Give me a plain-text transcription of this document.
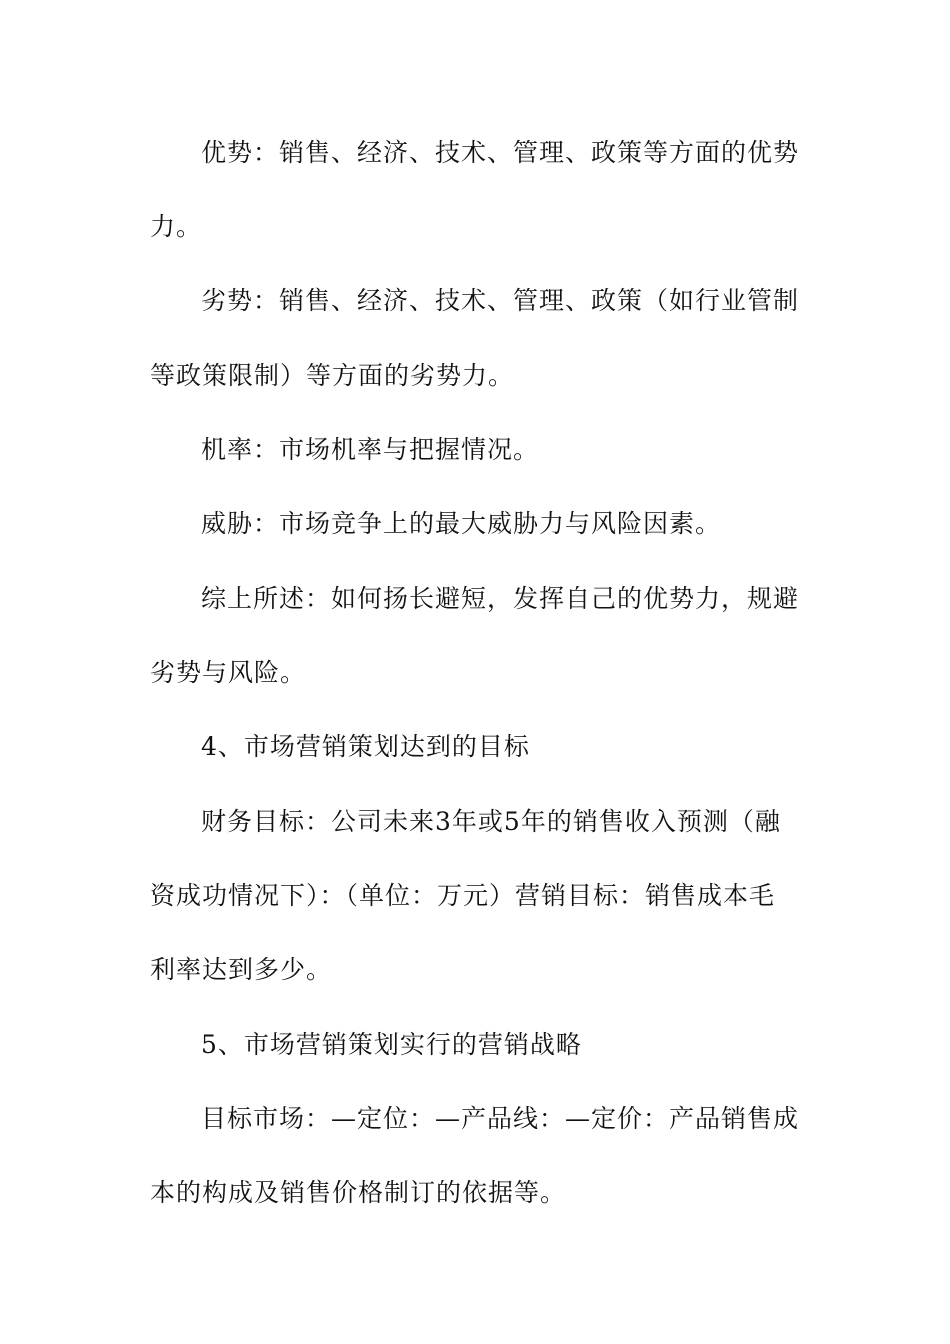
优势：销售、经济、技术、管理、政策等方面的优势
力。
劣势：销售、经济、技术、管理、政策（如行业管制
等政策限制）等方面的劣势力。
机率：市场机率与把握情况。
威胁：市场竞争上的最大威胁力与风险因素。
综上所述：如何扬长避短，发挥自己的优势力，规避
劣势与风险。
4、市场营销策划达到的目标
财务目标：公司未来3年或5年的销售收入预测（融
资成功情况下）：（单位：万元）营销目标：销售成本毛
利率达到多少。
5、市场营销策划实行的营销战略
目标市场：—定位：—产品线：—定价：产品销售成
本的构成及销售价格制订的依据等。
